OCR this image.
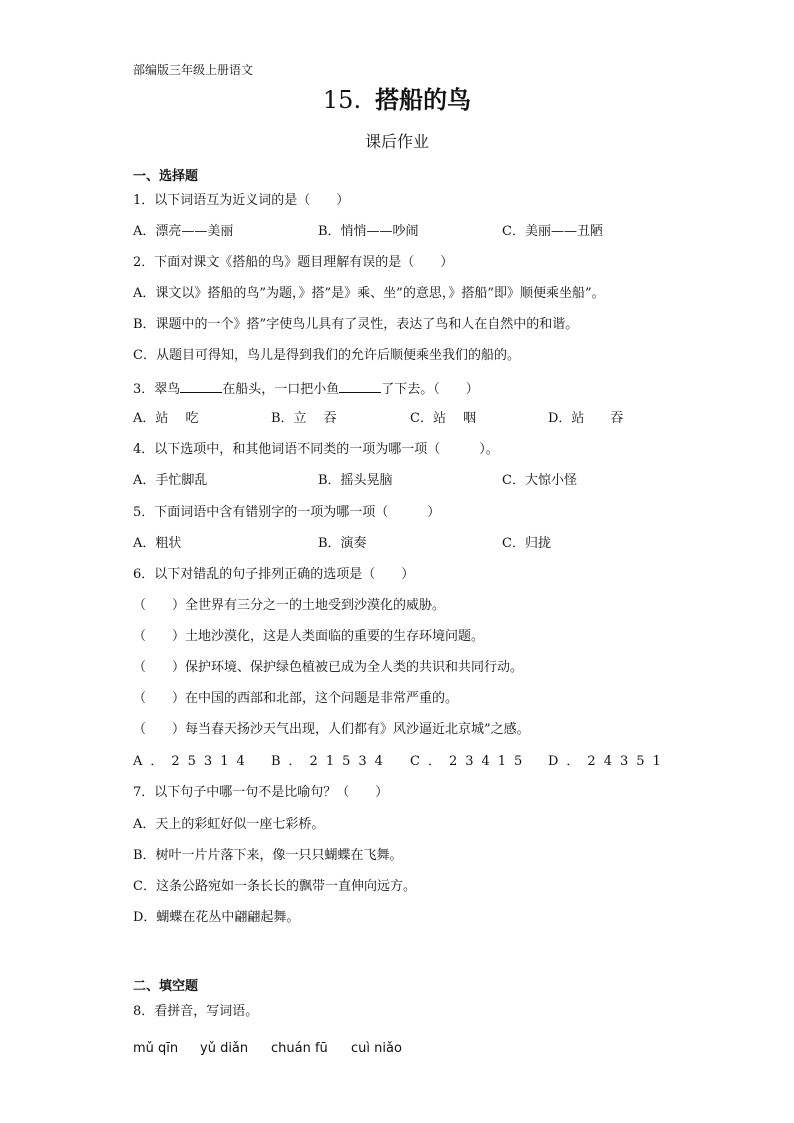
部编版三年级上册语文
15. 搭船的鸟
课后作业
一、选择题
1．以下词语互为近义词的是（　　）
A．漂亮——美丽	B．悄悄——吵闹	C．美丽——丑陋
2．下面对课文《搭船的鸟》题目理解有误的是（　　）
A．课文以》搭船的鸟”为题，》搭”是》乘、坐”的意思，》搭船”即》顺便乘坐船”。
B．课题中的一个》搭”字使鸟儿具有了灵性，表达了鸟和人在自然中的和谐。
C．从题目可得知，鸟儿是得到我们的允许后顺便乘坐我们的船的。
3．翠鸟	在船头，一口把小鱼	了下去。（　　）
A．站　 吃	B．立　 吞	C．站　 咽	D．站　　吞
4．以下选项中，和其他词语不同类的一项为哪一项（　　　）。
A．手忙脚乱	B．摇头晃脑	C．大惊小怪
5．下面词语中含有错别字的一项为哪一项（　　　）
A．粗状	B．演奏	C．归拢
6．以下对错乱的句子排列正确的选项是（　　）
（　　）全世界有三分之一的土地受到沙漠化的威胁。
（　　）土地沙漠化，这是人类面临的重要的生存环境问题。
（　　）保护环境、保护绿色植被已成为全人类的共识和共同行动。
（　　）在中国的西部和北部，这个问题是非常严重的。
（　　）每当春天扬沙天气出现，人们都有》风沙逼近北京城”之感。
A．25314 B．21534 C．23415 D．24351
7．以下句子中哪一句不是比喻句？（　　）
A．天上的彩虹好似一座七彩桥。
B．树叶一片片落下来，像一只只蝴蝶在飞舞。
C．这条公路宛如一条长长的飘带一直伸向远方。
D．蝴蝶在花丛中翩翩起舞。
二、填空题
8．看拼音，写词语。
mǔ qīn yǔ diǎn chuán fū cuì niǎo
